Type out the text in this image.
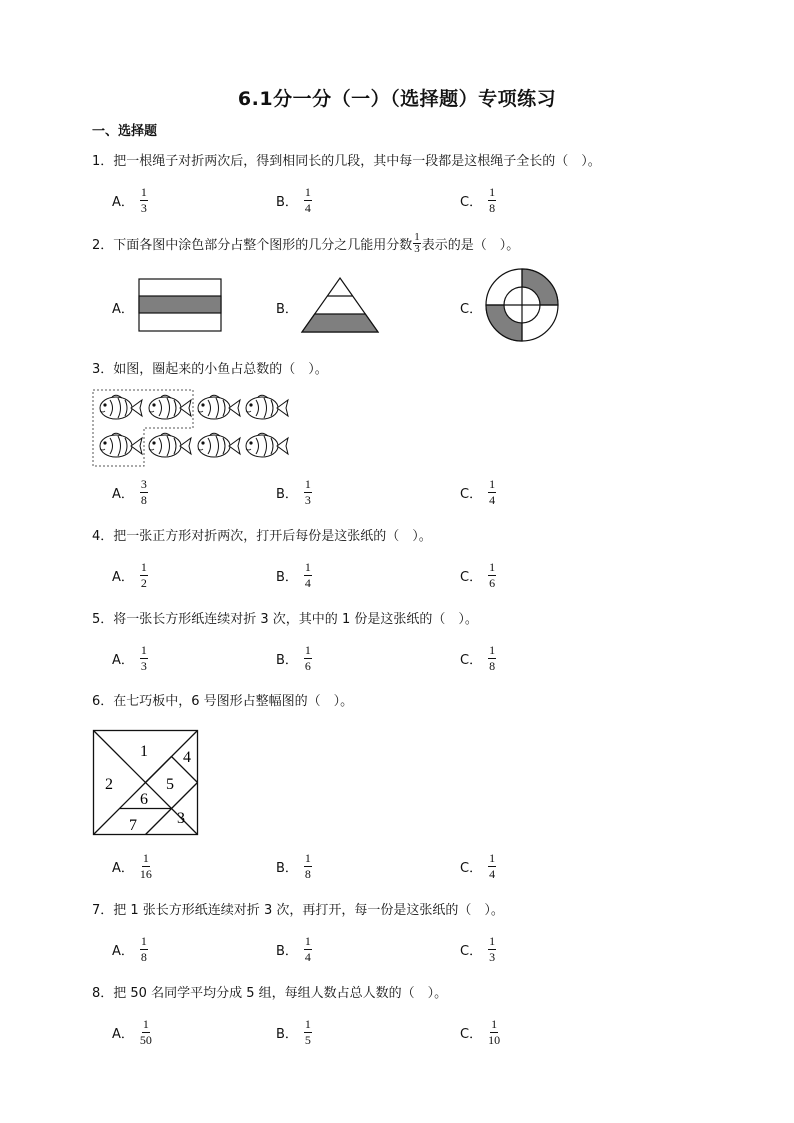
6.1分一分（一）（选择题）专项练习
一、选择题
1．把一根绳子对折两次后，得到相同长的几段，其中每一段都是这根绳子全长的（　）。
A． $\frac{1}{3}$	B． $\frac{1}{4}$	C． $\frac{1}{8}$
2．下面各图中涂色部分占整个图形的几分之几能用分数 $\frac{1}{3}$ 表示的是（　）。
A．	B．	C．
3．如图，圈起来的小鱼占总数的（　）。
A． $\frac{3}{8}$	B． $\frac{1}{3}$	C． $\frac{1}{4}$
4．把一张正方形对折两次，打开后每份是这张纸的（　）。
A． $\frac{1}{2}$	B． $\frac{1}{4}$	C． $\frac{1}{6}$
5．将一张长方形纸连续对折 3 次，其中的 1 份是这张纸的（　）。
A． $\frac{1}{3}$	B． $\frac{1}{6}$	C． $\frac{1}{8}$
6．在七巧板中，6 号图形占整幅图的（　）。
1
2
3
4
5
6
7
A． $\frac{1}{16}$	B． $\frac{1}{8}$	C． $\frac{1}{4}$
7．把 1 张长方形纸连续对折 3 次，再打开，每一份是这张纸的（　）。
A． $\frac{1}{8}$	B． $\frac{1}{4}$	C． $\frac{1}{3}$
8．把 50 名同学平均分成 5 组，每组人数占总人数的（　）。
A． $\frac{1}{50}$	B． $\frac{1}{5}$	C． $\frac{1}{10}$
